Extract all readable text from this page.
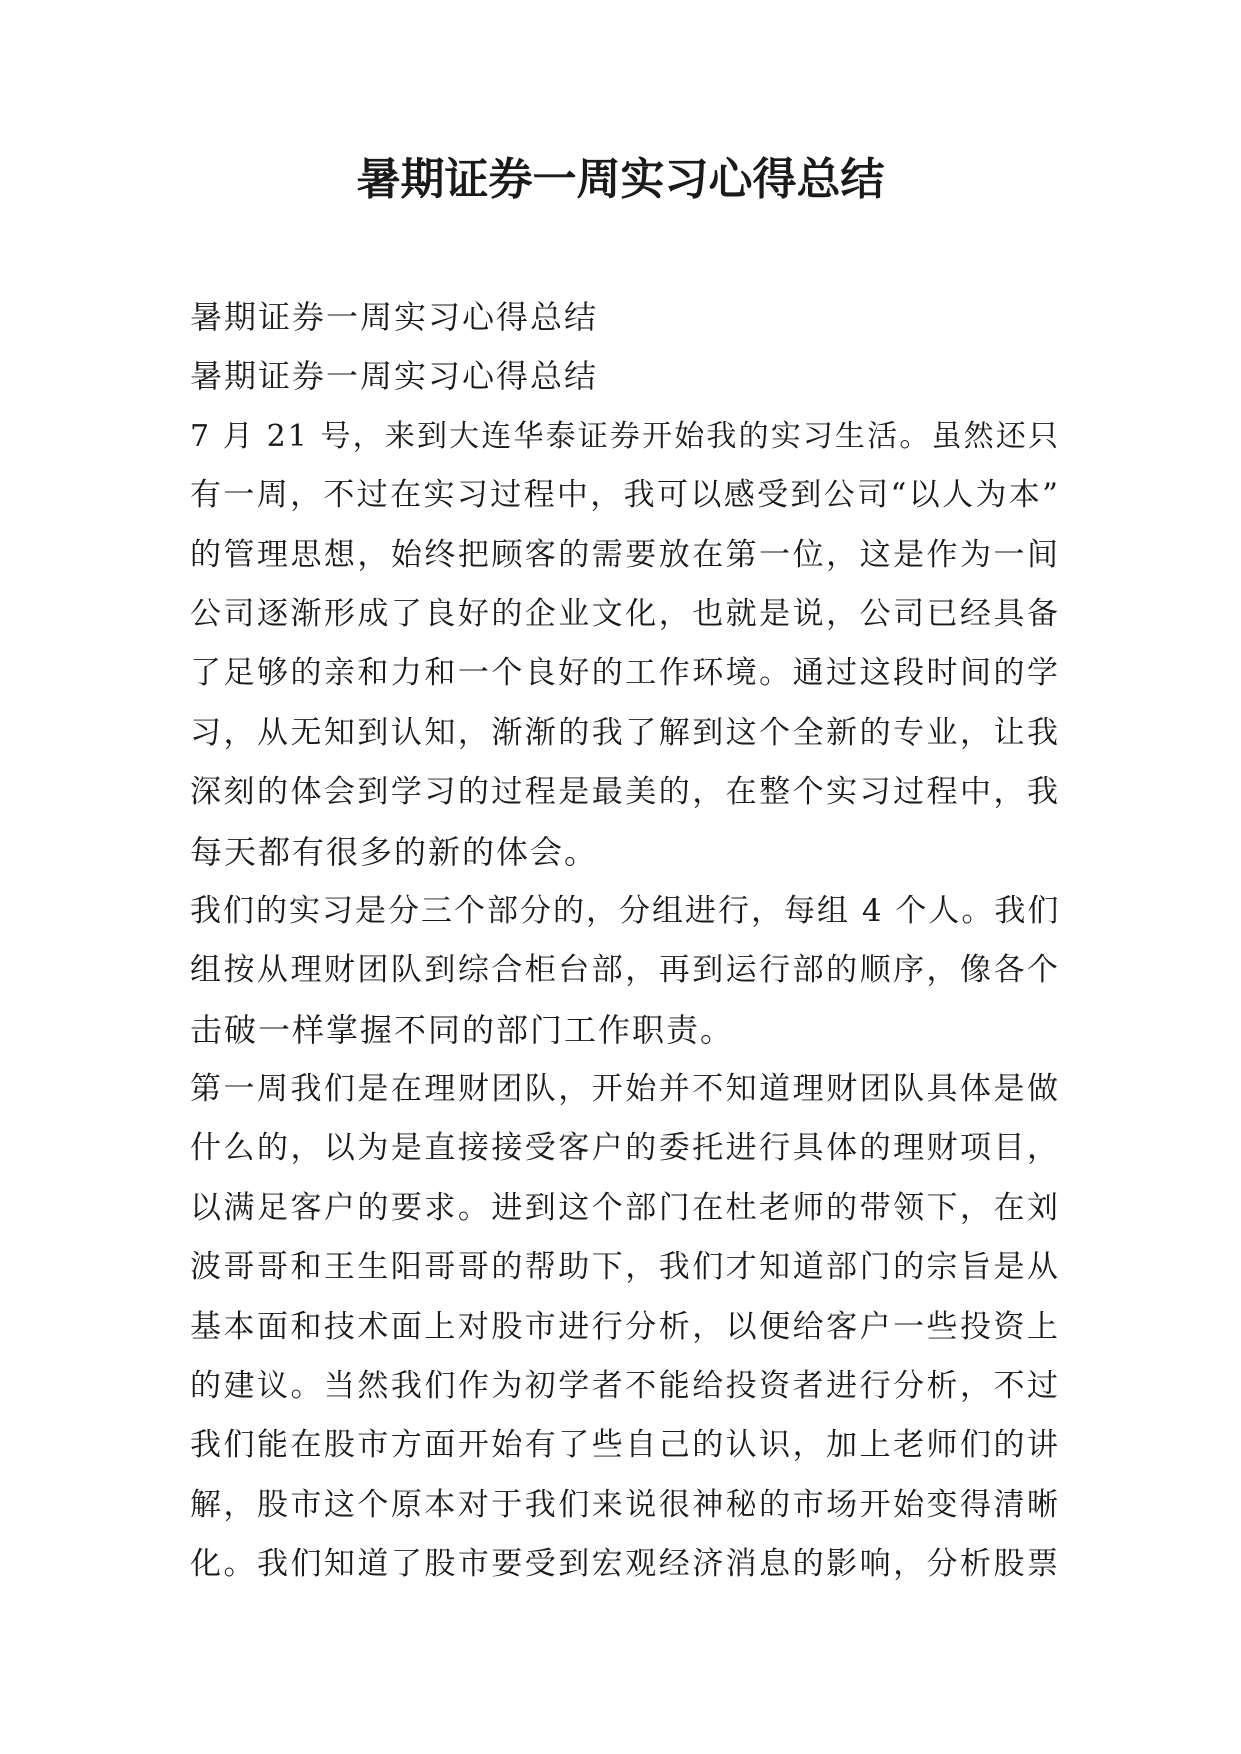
暑期证券一周实习心得总结

暑期证券一周实习心得总结

暑期证券一周实习心得总结

7 月 21 号，来到大连华泰证券开始我的实习生活。虽然还只

有一周，不过在实习过程中，我可以感受到公司“以人为本”

的管理思想，始终把顾客的需要放在第一位，这是作为一间

公司逐渐形成了良好的企业文化，也就是说，公司已经具备

了足够的亲和力和一个良好的工作环境。通过这段时间的学

习，从无知到认知，渐渐的我了解到这个全新的专业，让我

深刻的体会到学习的过程是最美的，在整个实习过程中，我

每天都有很多的新的体会。

我们的实习是分三个部分的，分组进行，每组 4 个人。我们

组按从理财团队到综合柜台部，再到运行部的顺序，像各个

击破一样掌握不同的部门工作职责。

第一周我们是在理财团队，开始并不知道理财团队具体是做

什么的，以为是直接接受客户的委托进行具体的理财项目，

以满足客户的要求。进到这个部门在杜老师的带领下，在刘

波哥哥和王生阳哥哥的帮助下，我们才知道部门的宗旨是从

基本面和技术面上对股市进行分析，以便给客户一些投资上

的建议。当然我们作为初学者不能给投资者进行分析，不过

我们能在股市方面开始有了些自己的认识，加上老师们的讲

解，股市这个原本对于我们来说很神秘的市场开始变得清晰

化。我们知道了股市要受到宏观经济消息的影响，分析股票
